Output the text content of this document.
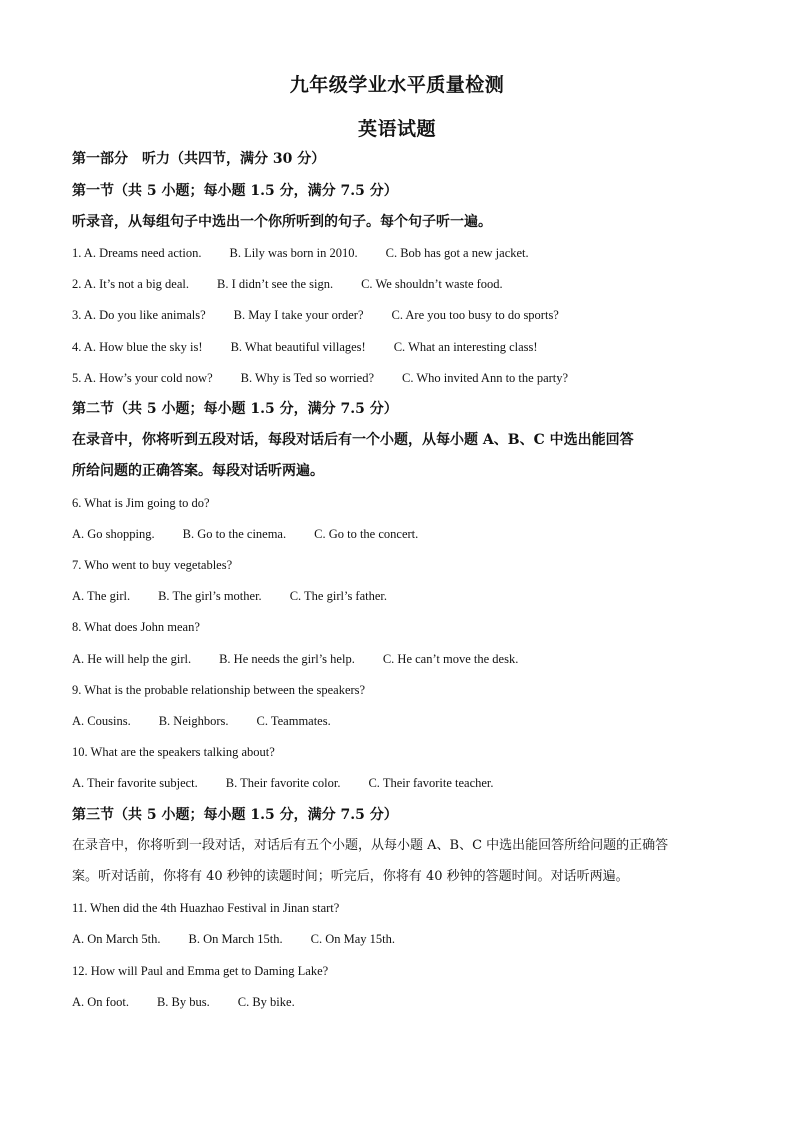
九年级学业水平质量检测
英语试题
第一部分　听力（共四节，满分 30 分）
第一节（共 5 小题；每小题 1.5 分，满分 7.5 分）
听录音，从每组句子中选出一个你所听到的句子。每个句子听一遍。
1. A. Dreams need action. B. Lily was born in 2010. C. Bob has got a new jacket.
2. A. It’s not a big deal. B. I didn’t see the sign. C. We shouldn’t waste food.
3. A. Do you like animals? B. May I take your order? C. Are you too busy to do sports?
4. A. How blue the sky is! B. What beautiful villages! C. What an interesting class!
5. A. How’s your cold now? B. Why is Ted so worried? C. Who invited Ann to the party?
第二节（共 5 小题；每小题 1.5 分，满分 7.5 分）
在录音中，你将听到五段对话，每段对话后有一个小题，从每小题 A、B、C 中选出能回答
所给问题的正确答案。每段对话听两遍。
6. What is Jim going to do?
A. Go shopping. B. Go to the cinema. C. Go to the concert.
7. Who went to buy vegetables?
A. The girl. B. The girl’s mother. C. The girl’s father.
8. What does John mean?
A. He will help the girl. B. He needs the girl’s help. C. He can’t move the desk.
9. What is the probable relationship between the speakers?
A. Cousins. B. Neighbors. C. Teammates.
10. What are the speakers talking about?
A. Their favorite subject. B. Their favorite color. C. Their favorite teacher.
第三节（共 5 小题；每小题 1.5 分，满分 7.5 分）
在录音中，你将听到一段对话，对话后有五个小题，从每小题 A、B、C 中选出能回答所给问题的正确答
案。听对话前，你将有 40 秒钟的读题时间；听完后，你将有 40 秒钟的答题时间。对话听两遍。
11. When did the 4th Huazhao Festival in Jinan start?
A. On March 5th. B. On March 15th. C. On May 15th.
12. How will Paul and Emma get to Daming Lake?
A. On foot. B. By bus. C. By bike.
